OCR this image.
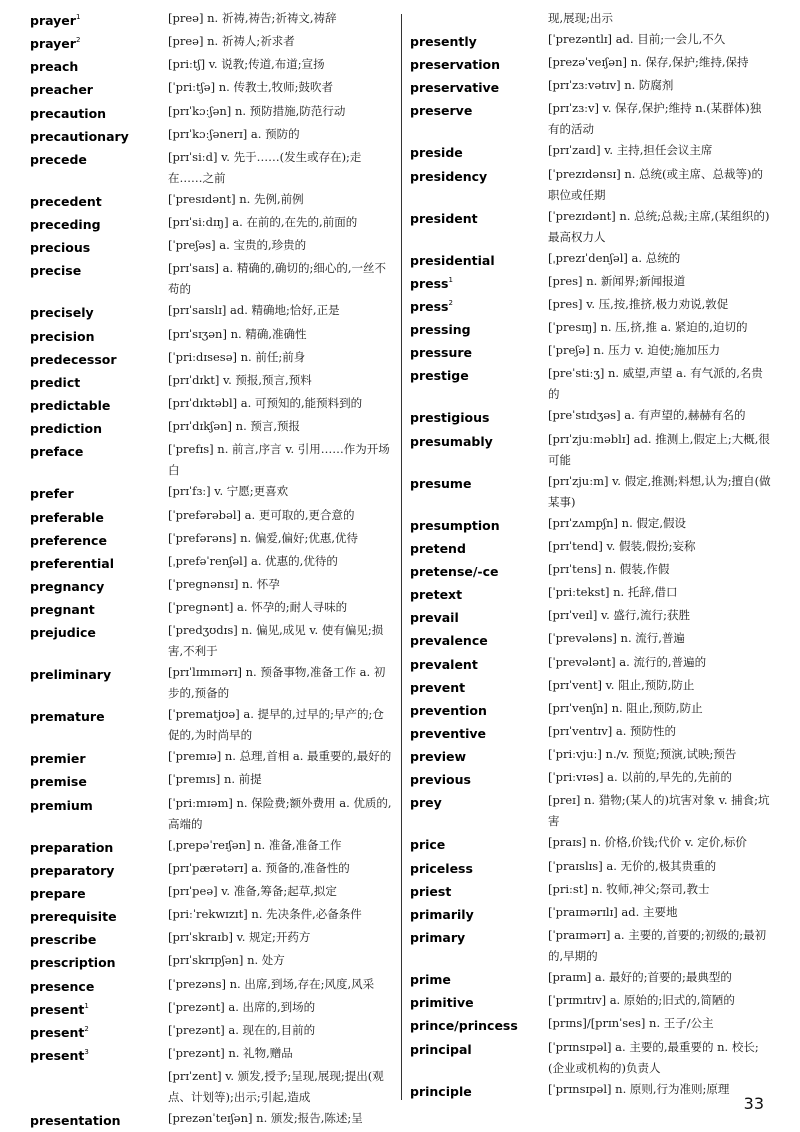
prayer$^1$	[preə] n. 祈祷,祷告;祈祷文,祷辞
prayer$^2$	[preə] n. 祈祷人;祈求者
preach	[priːtʃ] v. 说教;传道,布道;宣扬
preacher	[ˈpriːtʃə] n. 传教士,牧师;鼓吹者
precaution	[prɪˈkɔːʃən] n. 预防措施,防范行动
precautionary	[prɪˈkɔːʃənerɪ] a. 预防的
precede	[prɪˈsiːd] v. 先于……(发生或存在);走在……之前
precedent	[ˈpresɪdənt] n. 先例,前例
preceding	[prɪˈsiːdɪŋ] a. 在前的,在先的,前面的
precious	[ˈpreʃəs] a. 宝贵的,珍贵的
precise	[prɪˈsaɪs] a. 精确的,确切的;细心的,一丝不苟的
precisely	[prɪˈsaɪslɪ] ad. 精确地;恰好,正是
precision	[prɪˈsɪʒən] n. 精确,准确性
predecessor	[ˈpriːdɪsesə] n. 前任;前身
predict	[prɪˈdɪkt] v. 预报,预言,预料
predictable	[prɪˈdɪktəbl] a. 可预知的,能预料到的
prediction	[prɪˈdɪkʃən] n. 预言,预报
preface	[ˈprefɪs] n. 前言,序言 v. 引用……作为开场白
prefer	[prɪˈfɜː] v. 宁愿;更喜欢
preferable	[ˈprefərəbəl] a. 更可取的,更合意的
preference	[ˈprefərəns] n. 偏爱,偏好;优惠,优待
preferential	[ˌprefəˈrenʃəl] a. 优惠的,优待的
pregnancy	[ˈpregnənsɪ] n. 怀孕
pregnant	[ˈpregnənt] a. 怀孕的;耐人寻味的
prejudice	[ˈpredʒʊdɪs] n. 偏见,成见 v. 使有偏见;损害,不利于
preliminary	[prɪˈlɪmɪnərɪ] n. 预备事物,准备工作 a. 初步的,预备的
premature	[ˈprematjʊə] a. 提早的,过早的;早产的;仓促的,为时尚早的
premier	[ˈpremɪə] n. 总理,首相 a. 最重要的,最好的
premise	[ˈpremɪs] n. 前提
premium	[ˈpriːmɪəm] n. 保险费;额外费用 a. 优质的,高端的
preparation	[ˌprepəˈreɪʃən] n. 准备,准备工作
preparatory	[prɪˈpærətərɪ] a. 预备的,准备性的
prepare	[prɪˈpeə] v. 准备,筹备;起草,拟定
prerequisite	[priːˈrekwɪzɪt] n. 先决条件,必备条件
prescribe	[prɪˈskraɪb] v. 规定;开药方
prescription	[prɪˈskrɪpʃən] n. 处方
presence	[ˈprezəns] n. 出席,到场,存在;风度,风采
present$^1$	[ˈprezənt] a. 出席的,到场的
present$^2$	[ˈprezənt] a. 现在的,目前的
present$^3$	[ˈprezənt] n. 礼物,赠品
[prɪˈzent] v. 颁发,授予;呈现,展现;提出(观点、计划等);出示;引起,造成
presentation	[prezənˈteɪʃən] n. 颁发;报告,陈述;呈
现,展现;出示
presently	[ˈprezəntlɪ] ad. 目前;一会儿,不久
preservation	[prezəˈveɪʃən] n. 保存,保护;维持,保持
preservative	[prɪˈzɜːvətɪv] n. 防腐剂
preserve	[prɪˈzɜːv] v. 保存,保护;维持 n.(某群体)独有的活动
preside	[prɪˈzaɪd] v. 主持,担任会议主席
presidency	[ˈprezɪdənsɪ] n. 总统(或主席、总裁等)的职位或任期
president	[ˈprezɪdənt] n. 总统;总裁;主席,(某组织的)最高权力人
presidential	[ˌprezɪˈdenʃəl] a. 总统的
press$^1$	[pres] n. 新闻界;新闻报道
press$^2$	[pres] v. 压,按,推挤,极力劝说,敦促
pressing	[ˈpresɪŋ] n. 压,挤,推 a. 紧迫的,迫切的
pressure	[ˈpreʃə] n. 压力 v. 迫使;施加压力
prestige	[preˈstiːʒ] n. 威望,声望 a. 有气派的,名贵的
prestigious	[preˈstɪdʒəs] a. 有声望的,赫赫有名的
presumably	[prɪˈzjuːməblɪ] ad. 推测上,假定上;大概,很可能
presume	[prɪˈzjuːm] v. 假定,推测;料想,认为;擅自(做某事)
presumption	[prɪˈzʌmpʃn] n. 假定,假设
pretend	[prɪˈtend] v. 假装,假扮;妄称
pretense/-ce	[prɪˈtens] n. 假装,作假
pretext	[ˈpriːtekst] n. 托辞,借口
prevail	[prɪˈveɪl] v. 盛行,流行;获胜
prevalence	[ˈprevələns] n. 流行,普遍
prevalent	[ˈprevələnt] a. 流行的,普遍的
prevent	[prɪˈvent] v. 阻止,预防,防止
prevention	[prɪˈvenʃn] n. 阻止,预防,防止
preventive	[prɪˈventɪv] a. 预防性的
preview	[ˈpriːvjuː] n./v. 预览;预演,试映;预告
previous	[ˈpriːvɪəs] a. 以前的,早先的,先前的
prey	[preɪ] n. 猎物;(某人的)坑害对象 v. 捕食;坑害
price	[praɪs] n. 价格,价钱;代价 v. 定价,标价
priceless	[ˈpraɪslɪs] a. 无价的,极其贵重的
priest	[priːst] n. 牧师,神父;祭司,教士
primarily	[ˈpraɪmərɪlɪ] ad. 主要地
primary	[ˈpraɪmərɪ] a. 主要的,首要的;初级的;最初的,早期的
prime	[praɪm] a. 最好的;首要的;最典型的
primitive	[ˈprɪmɪtɪv] a. 原始的;旧式的,简陋的
prince/princess	[prɪns]/[prɪnˈses] n. 王子/公主
principal	[ˈprɪnsɪpəl] a. 主要的,最重要的 n. 校长;(企业或机构的)负责人
principle	[ˈprɪnsɪpəl] n. 原则,行为准则;原理
33
